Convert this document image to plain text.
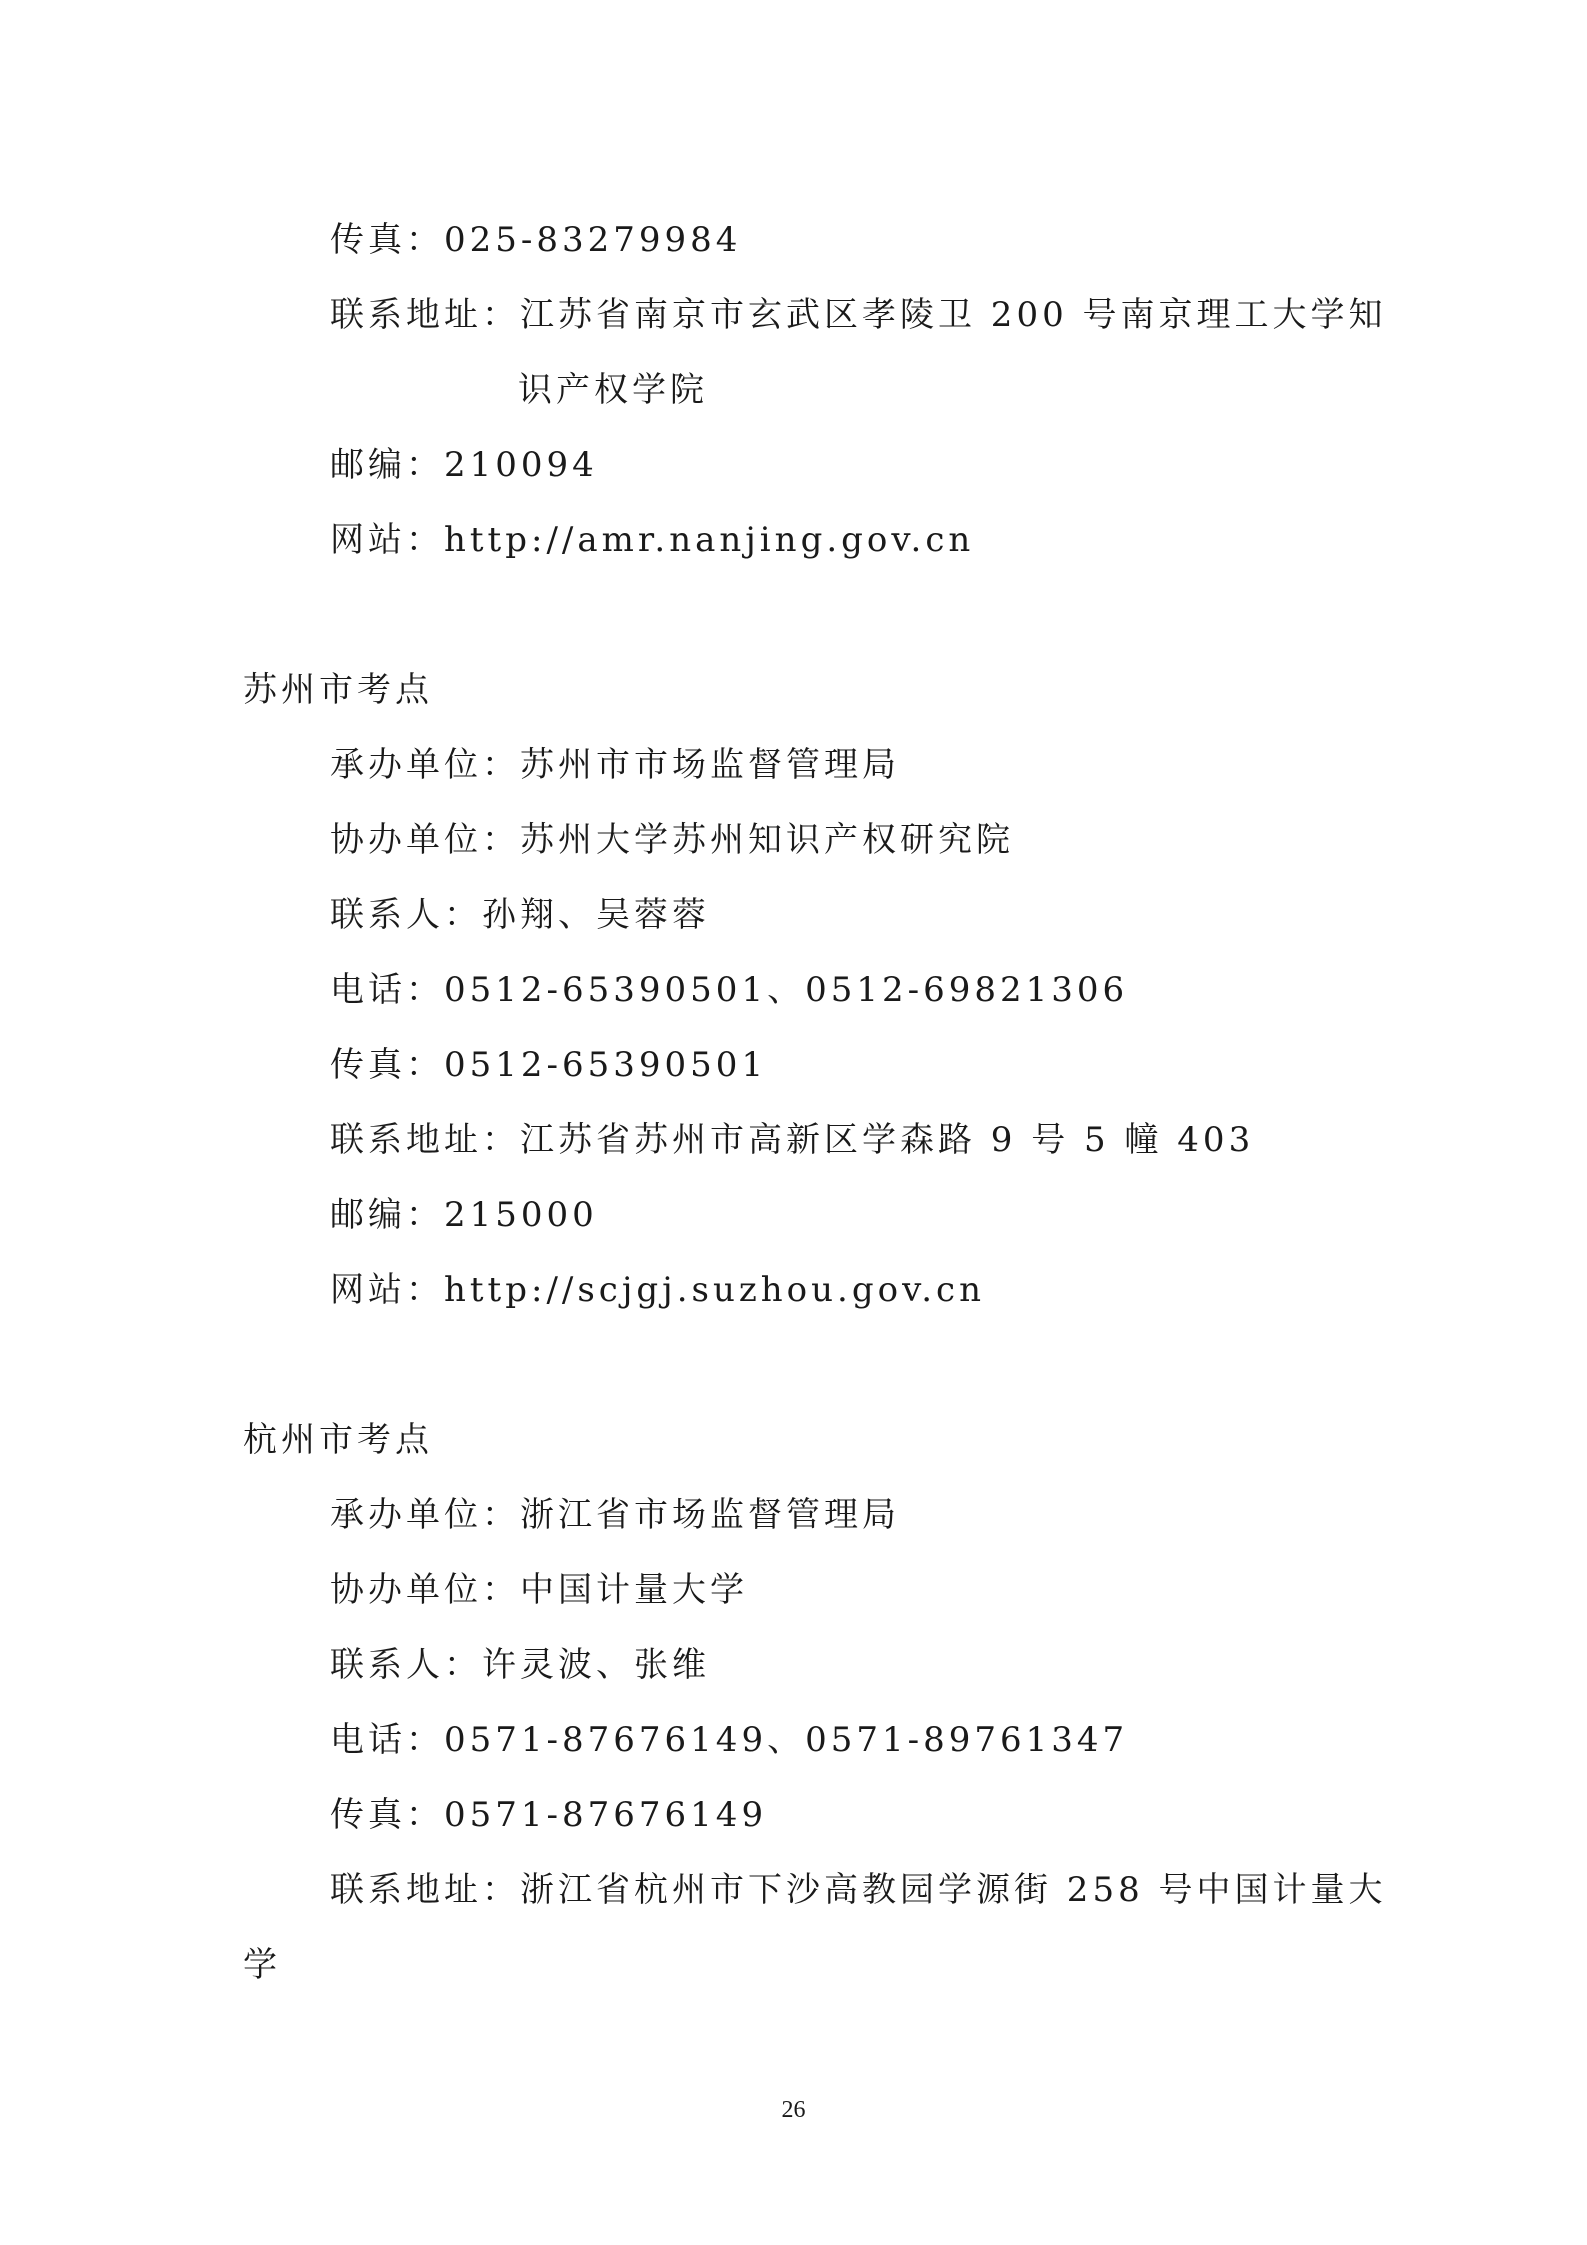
传真：025-83279984
联系地址：江苏省南京市玄武区孝陵卫 200 号南京理工大学知
识产权学院
邮编：210094
网站：http://amr.nanjing.gov.cn
苏州市考点
承办单位：苏州市市场监督管理局
协办单位：苏州大学苏州知识产权研究院
联系人：孙翔、吴蓉蓉
电话：0512-65390501、0512-69821306
传真：0512-65390501
联系地址：江苏省苏州市高新区学森路 9 号 5 幢 403
邮编：215000
网站：http://scjgj.suzhou.gov.cn
杭州市考点
承办单位：浙江省市场监督管理局
协办单位：中国计量大学
联系人：许灵波、张维
电话：0571-87676149、0571-89761347
传真：0571-87676149
联系地址：浙江省杭州市下沙高教园学源街 258 号中国计量大
学
26
